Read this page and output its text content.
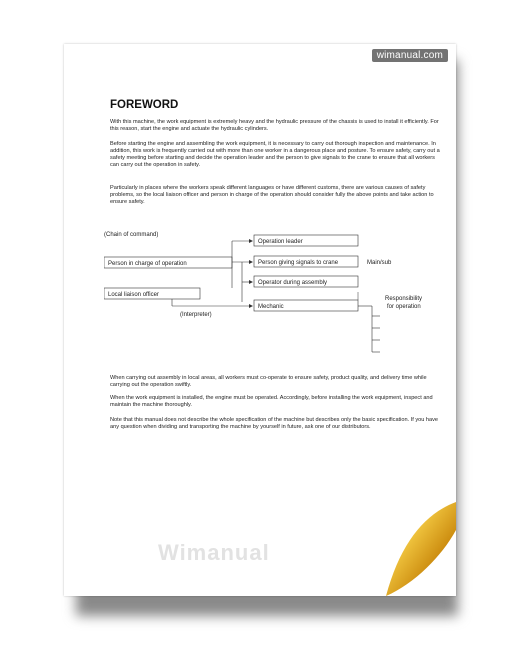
wimanual.com
FOREWORD

With this machine, the work equipment is extremely heavy and the hydraulic pressure of the chassis is used to install it efficiently. For this reason, start the engine and actuate the hydraulic cylinders.

Before starting the engine and assembling the work equipment, it is necessary to carry out thorough inspection and maintenance. In addition, this work is frequently carried out with more than one worker in a dangerous place and posture. To ensure safety, carry out a safety meeting before starting and decide the operation leader and the person to give signals to the crane to ensure that all workers can carry out the operation in safety.

Particularly in places where the workers speak different languages or have different customs, there are various causes of safety problems, so the local liaison officer and person in charge of the operation should consider fully the above points and take action to ensure safety.

(Chain of command)
Person in charge of operation
Local liaison officer
(Interpreter)
Operation leader
Person giving signals to crane	Main/sub
Operator during assembly
Mechanic
Responsibility
for operation

When carrying out assembly in local areas, all workers must co-operate to ensure safety, product quality, and delivery time while carrying out the operation swiftly.

When the work equipment is installed, the engine must be operated. Accordingly, before installing the work equipment, inspect and maintain the machine thoroughly.

Note that this manual does not describe the whole specification of the machine but describes only the basic specification. If you have any question when dividing and transporting the machine by yourself in future, ask one of our distributors.

Wimanual
